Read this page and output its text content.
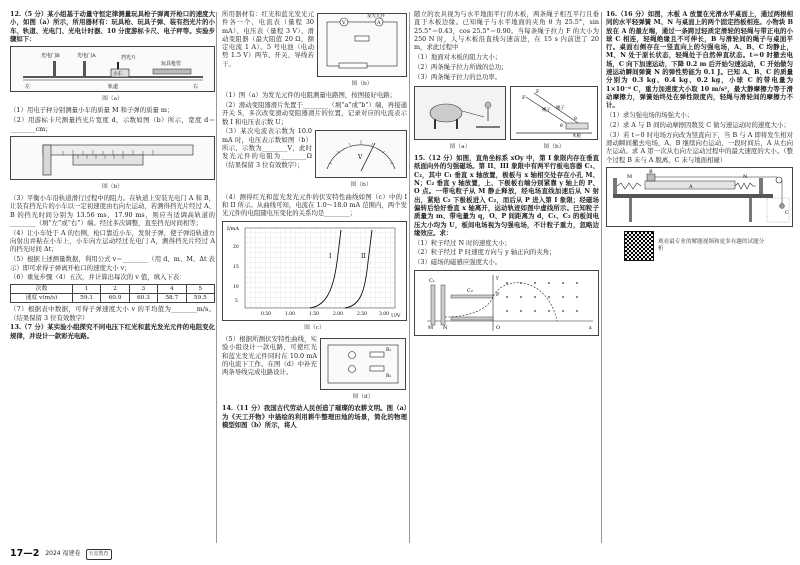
12.（5 分）某小组基于动量守恒定律测量玩具枪子弹离开枪口的速度大小，如图（a）所示，所用器材有：玩具枪、玩具子弹、装有挡光片的小车、轨道、光电门、光电计时器、10 分度游标卡尺、电子秤等。实验步骤如下：

光电门B	光电门A	挡光片
小车
玩具枪管
左	轨道	右
图（a）

（1）用电子秤分别测量小车的质量 M 和子弹的质量 m；

（2）用游标卡尺测量挡光片宽度 d，示数如图（b）所示，宽度 d＝________cm；

图（b）

（3）平衡小车沿轨道滑行过程中的阻力。在轨道上安装光电门 A 和 B，让装有挡光片的小车以一定初速度由右向左运动，若测得挡光片经过 A、B 的挡光时间分别为 13.56 ms、17.90 ms，则应当适调高轨道的________（填“左”或“右”）端。经过多次调整，直至挡光时间相等；

（4）让小车处于 A 的右侧，枪口靠近小车，发射子弹，使子弹沿轨道方向射出并粘在小车上，小车向左运动经过光电门 A，测得挡光片经过 A 的挡光时间 Δt；

（5）根据上述测量数据，利用公式 v＝________（用 d、m、M、Δt 表示）即可求得子弹离开枪口的速度大小 v；

（6）重复步骤（4）五次，并计算出每次的 v 值，填入下表：

次数	1	2	3	4	5
速度 v(m/s)	59.1	60.9	60.3	58.7	59.5

（7）根据表中数据，可得子弹速度大小 v 的平均值为________m/s。（结果保留 3 位有效数字）

13.（7 分）某实验小组探究不同电压下红光和蓝光发光元件的电阻变化规律，并设计一款彩光电路。

所用器材有：红光和蓝光发光元件各一个、电流表（量程 30 mA）、电压表（量程 3 V）、滑动变阻器（最大阻值 20 Ω，额定电流 1 A）、5 号电池（电动势 1.5 V）两节、开关、导线若干。

V	A
发光元件
图（b）

（1）图（a）为发光元件的电阻测量电路图，按图接好电路；

（2）滑动变阻器滑片先置于________（填“a”或“b”）端，再接通开关 S，多次改变滑动变阻器滑片的位置，记录对应的电流表示数 I 和电压表示数 U；

（3）某次电流表示数为 10.0 mA 时，电压表示数如图（b）所示，示数为________V，此时发光元件的电阻为________Ω（结果保留 3 位有效数字）；

V
图（b）

（4）测得红光和蓝光发光元件的伏安特性曲线如图（c）中的 I 和 II 所示。从曲线可知，电流在 1.0～18.0 mA 范围内，两个发光元件的电阻随电压变化的关系均是________；

I	II
I/mA
U/V
20
15
10
5
0.50	1.00	1.50	2.00	2.50	3.00
图（c）

（5）根据所测伏安特性曲线，实验小组设计一款电路，可使红光和蓝光发光元件同时在 10.0 mA 的电流下工作。在图（d）中补充两条导线完成电路设计。

R₁
R₂
图（d）

14.（11 分）我国古代劳动人民创造了璀璨的农耕文明。图（a）为《天工开物》中描绘的利用耕牛整理田地的场景，简化的物理模型如图（b）所示，将人

随立的农具视为与水平地面平行的木板，两条绳子相互平行且垂直于木板边缘。已知绳子与水平地面的夹角 θ 为 25.5°，sin 25.5°＝0.43，cos 25.5°＝0.90。当每条绳子拉力 F 的大小为 250 N 时，人与木板沿直线匀速前进，在 15 s 内前进了 20 m，求此过程中

（1）地面对木板的阻力大小；

（2）两条绳子拉力所做的总功；

（3）两条绳子拉力的总功率。

图（a）
F
F
绳子 绳子
θ
θ
木板
图（b）

15.（12 分）如图，直角坐标系 xOy 中，第 I 象限内存在垂直纸面向外的匀强磁场。第 II、III 象限中有两平行板电容器 C₁、C₂，其中 C₁ 垂直 x 轴放置，极板与 x 轴相交处存在小孔 M、N；C₂ 垂直 y 轴放置，上、下极板右端分别紧靠 y 轴上的 P、O 点。一带电粒子从 M 静止释放，经电场直线加速后从 N 射出，紧贴 C₂ 下极板进入 C₂，而后从 P 进入第 I 象限；经磁场偏转后恰好垂直 x 轴离开，运动轨迹如图中虚线所示。已知粒子质量为 m、带电量为 q，O、P 间距离为 d，C₁、C₂ 的板间电压大小均为 U，板间电场视为匀强电场，不计粒子重力，忽略边缘效应。求：

（1）粒子经过 N 时的速度大小；

（2）粒子经过 P 时速度方向与 y 轴正向的夹角；

（3）磁场的磁感应强度大小。

C₁
C₂
P
M N	O	x
y

16.（16 分）如图，木板 A 放置在光滑水平桌面上，通过两根相同的水平轻弹簧 M、N 与桌面上的两个固定挡板相连。小物块 B 放在 A 的最左端，通过一条跨过轻质定滑轮的轻绳与带正电的小球 C 相连，轻绳绝缘且不可伸长，B 与滑轮间的绳子与桌面平行。桌面右侧存在一竖直向上的匀强电场，A、B、C 均静止，M、N 处于原长状态，轻绳处于自然伸直状态。t＝0 时撤去电场，C 向下加速运动，下降 0.2 m 后开始匀速运动，C 开始做匀速运动瞬间弹簧 N 的弹性势能为 0.1 J。已知 A、B、C 的质量分别为 0.3 kg、0.4 kg、0.2 kg，小球 C 的带电量为 1×10⁻⁶ C，重力加速度大小取 10 m/s²，最大静摩擦力等于滑动摩擦力，弹簧始终处在弹性限度内，轻绳与滑轮间的摩擦力不计。

（1）求匀强电场的场强大小；

（2）求 A 与 B 间的动摩擦因数及 C 做匀速运动时的速度大小；

（3）若 t＝0 时电场方向改为竖直向下，当 B 与 A 即将发生相对滑动瞬间撤去电场，A、B 继续向右运动，一段时间后，A 从右向左运动。求 A 第一次从右向左运动过程中的最大速度的大小。（整个过程 B 未与 A 脱离，C 未与地面相碰）

M
B
A
N
C
观看最专业的解题视频和更多有趣的试题分析
17—2 2024 福建卷	天星教育
